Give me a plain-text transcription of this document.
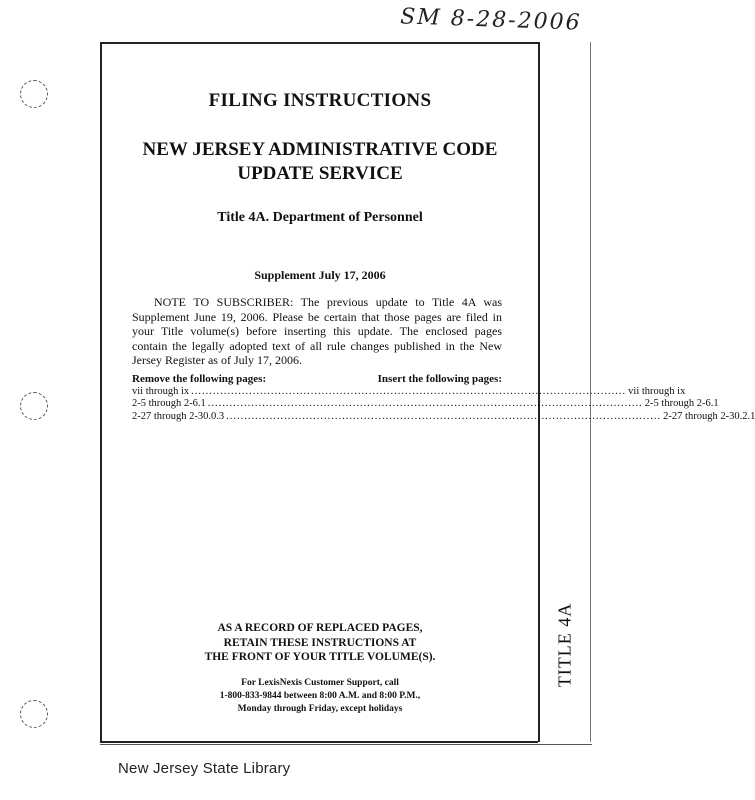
SM 8-28-2006
FILING INSTRUCTIONS
NEW JERSEY ADMINISTRATIVE CODE
UPDATE SERVICE
Title 4A. Department of Personnel
Supplement July 17, 2006
NOTE TO SUBSCRIBER: The previous update to Title 4A was Supplement June 19, 2006. Please be certain that those pages are filed in your Title volume(s) before inserting this update. The enclosed pages contain the legally adopted text of all rule changes published in the New Jersey Register as of July 17, 2006.
Remove the following pages:	Insert the following pages:
vii through ix ........................................................................................................................ vii through ix
2-5 through 2-6.1 ........................................................................................................................ 2-5 through 2-6.1
2-27 through 2-30.0.3 ........................................................................................................................ 2-27 through 2-30.2.1
AS A RECORD OF REPLACED PAGES,
RETAIN THESE INSTRUCTIONS AT
THE FRONT OF YOUR TITLE VOLUME(S).
For LexisNexis Customer Support, call
1-800-833-9844 between 8:00 A.M. and 8:00 P.M.,
Monday through Friday, except holidays
TITLE 4A
New Jersey State Library
